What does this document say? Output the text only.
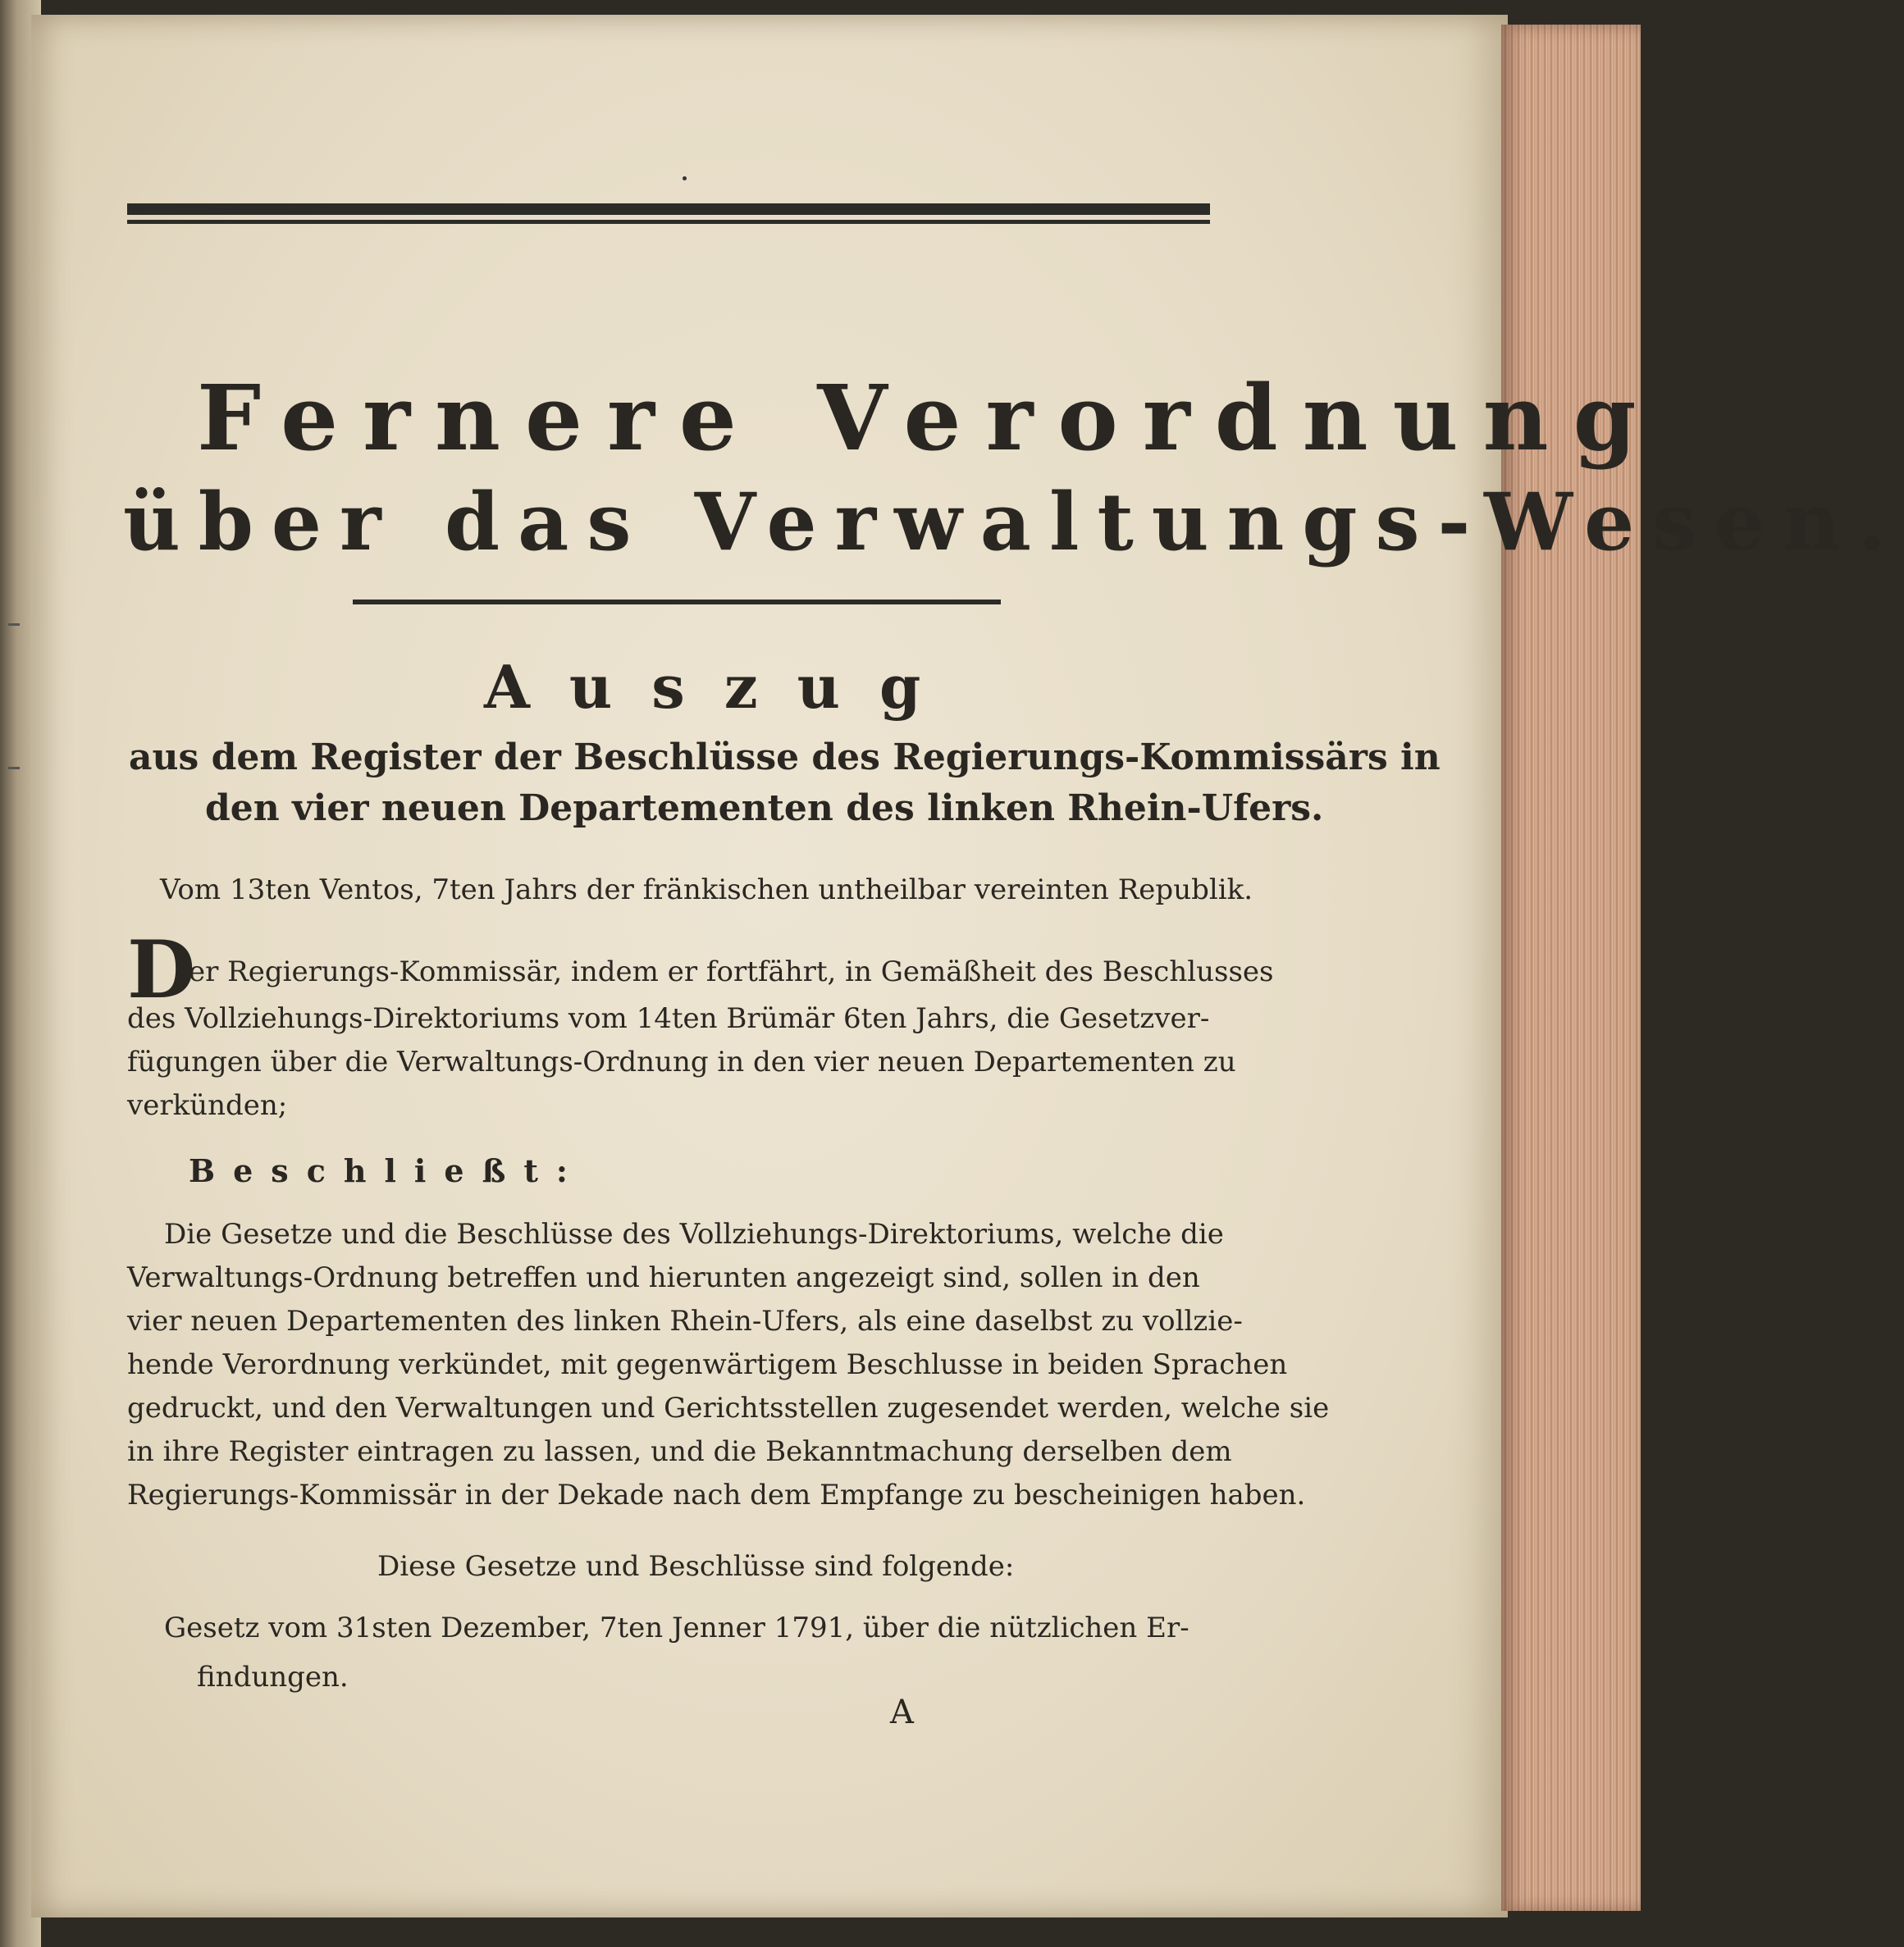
Fernere Verordnung
über das Verwaltungs-Wesen.
Auszug
aus dem Register der Beschlüsse des Regierungs-Kommissärs in
den vier neuen Departementen des linken Rhein-Ufers.
Vom 13ten Ventos, 7ten Jahrs der fränkischen untheilbar vereinten Republik.
D
er Regierungs-Kommissär, indem er fortfährt, in Gemäßheit des Beschlusses
des Vollziehungs-Direktoriums vom 14ten Brümär 6ten Jahrs, die Gesetzver-
fügungen über die Verwaltungs-Ordnung in den vier neuen Departementen zu
verkünden;
Beschließt:
Die Gesetze und die Beschlüsse des Vollziehungs-Direktoriums, welche die
Verwaltungs-Ordnung betreffen und hierunten angezeigt sind, sollen in den
vier neuen Departementen des linken Rhein-Ufers, als eine daselbst zu vollzie-
hende Verordnung verkündet, mit gegenwärtigem Beschlusse in beiden Sprachen
gedruckt, und den Verwaltungen und Gerichtsstellen zugesendet werden, welche sie
in ihre Register eintragen zu lassen, und die Bekanntmachung derselben dem
Regierungs-Kommissär in der Dekade nach dem Empfange zu bescheinigen haben.
Diese Gesetze und Beschlüsse sind folgende:
Gesetz vom 31sten Dezember, 7ten Jenner 1791, über die nützlichen Er-
findungen.
A
